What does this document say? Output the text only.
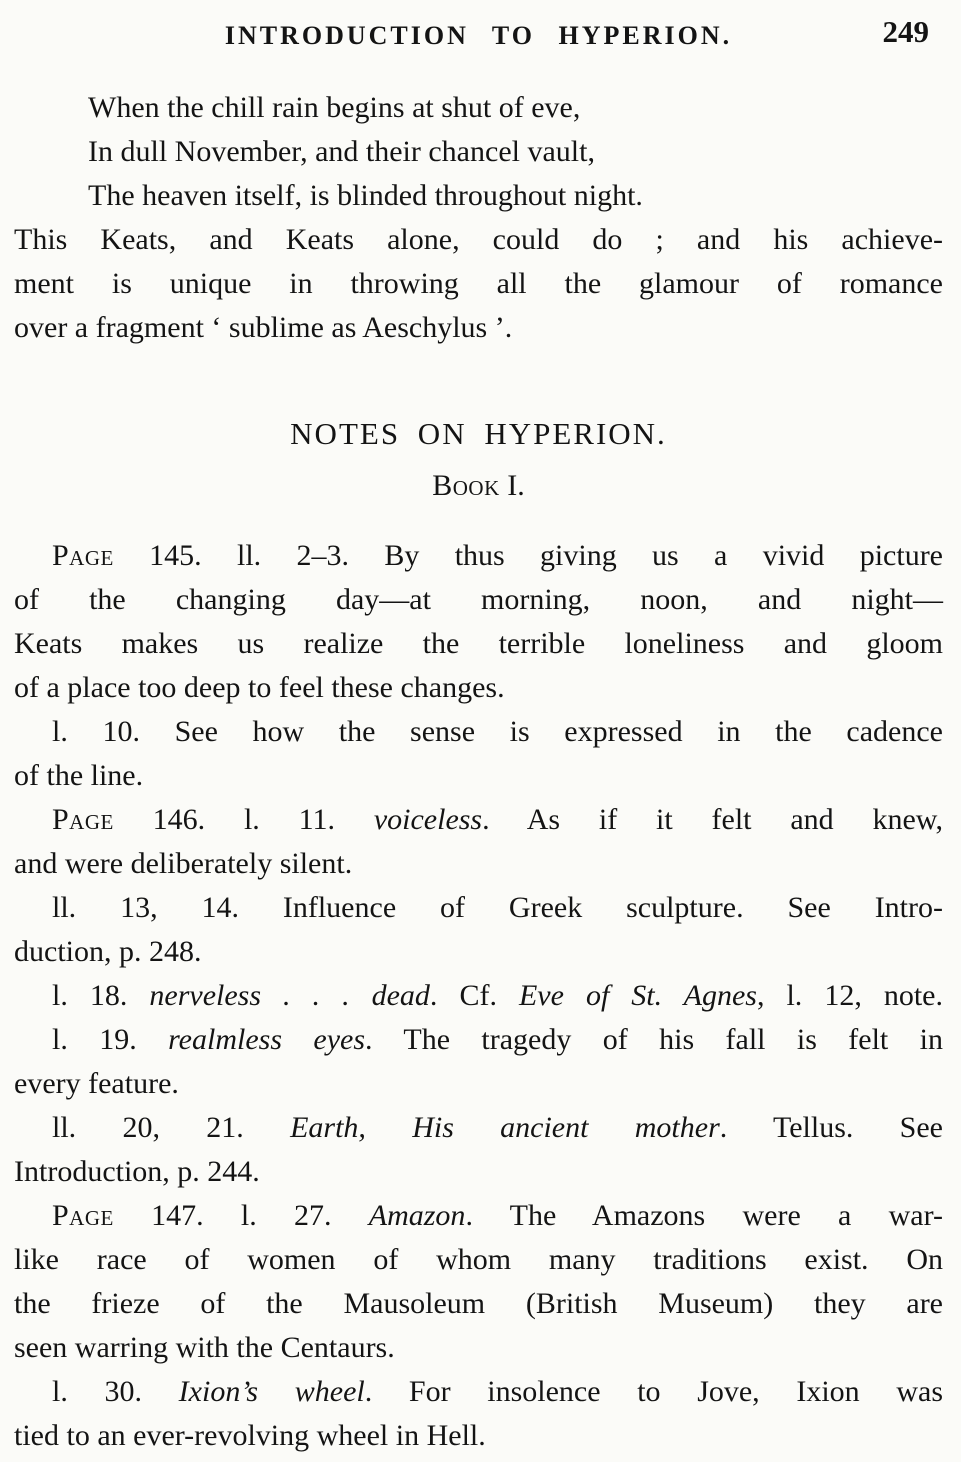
INTRODUCTION TO HYPERION.	249
When the chill rain begins at shut of eve,
In dull November, and their chancel vault,
The heaven itself, is blinded throughout night.
This Keats, and Keats alone, could do ; and his achieve-
ment is unique in throwing all the glamour of romance
over a fragment ‘ sublime as Aeschylus ’.
NOTES ON HYPERION.
Book I.
Page 145. ll. 2–3. By thus giving us a vivid picture
of the changing day—at morning, noon, and night—
Keats makes us realize the terrible loneliness and gloom
of a place too deep to feel these changes.
l. 10. See how the sense is expressed in the cadence
of the line.
Page 146. l. 11. voiceless. As if it felt and knew,
and were deliberately silent.
ll. 13, 14. Influence of Greek sculpture. See Intro-
duction, p. 248.
l. 18. nerveless . . . dead. Cf. Eve of St. Agnes, l. 12, note.
l. 19. realmless eyes. The tragedy of his fall is felt in
every feature.
ll. 20, 21. Earth, His ancient mother. Tellus. See
Introduction, p. 244.
Page 147. l. 27. Amazon. The Amazons were a war-
like race of women of whom many traditions exist. On
the frieze of the Mausoleum (British Museum) they are
seen warring with the Centaurs.
l. 30. Ixion’s wheel. For insolence to Jove, Ixion was
tied to an ever-revolving wheel in Hell.
